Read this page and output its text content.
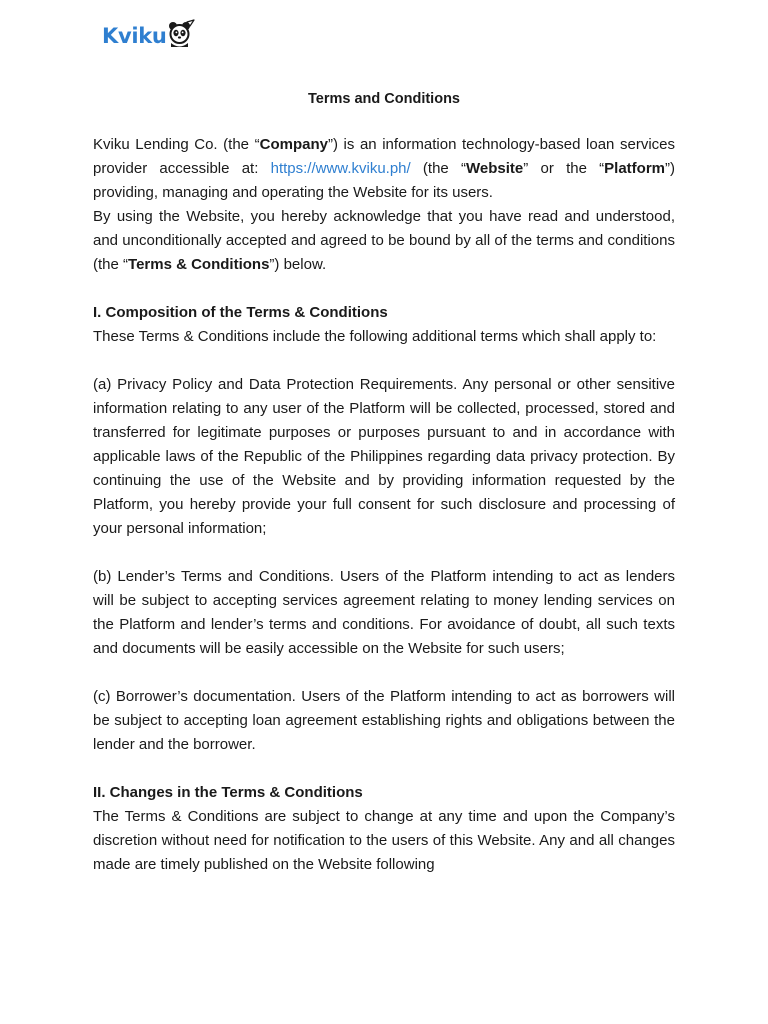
Kviku
Terms and Conditions

Kviku Lending Co. (the “Company”) is an information technology-based loan services provider accessible at: https://www.kviku.ph/ (the “Website” or the “Platform”) providing, managing and operating the Website for its users.

By using the Website, you hereby acknowledge that you have read and understood, and unconditionally accepted and agreed to be bound by all of the terms and conditions (the “Terms & Conditions”) below.

I. Composition of the Terms & Conditions

These Terms & Conditions include the following additional terms which shall apply to:

(a) Privacy Policy and Data Protection Requirements. Any personal or other sensitive information relating to any user of the Platform will be collected, processed, stored and transferred for legitimate purposes or purposes pursuant to and in accordance with applicable laws of the Republic of the Philippines regarding data privacy protection. By continuing the use of the Website and by providing information requested by the Platform, you hereby provide your full consent for such disclosure and processing of your personal information;

(b) Lender’s Terms and Conditions. Users of the Platform intending to act as lenders will be subject to accepting services agreement relating to money lending services on the Platform and lender’s terms and conditions. For avoidance of doubt, all such texts and documents will be easily accessible on the Website for such users;

(c) Borrower’s documentation. Users of the Platform intending to act as borrowers will be subject to accepting loan agreement establishing rights and obligations between the lender and the borrower.

II. Changes in the Terms & Conditions

The Terms & Conditions are subject to change at any time and upon the Company’s discretion without need for notification to the users of this Website. Any and all changes made are timely published on the Website following
